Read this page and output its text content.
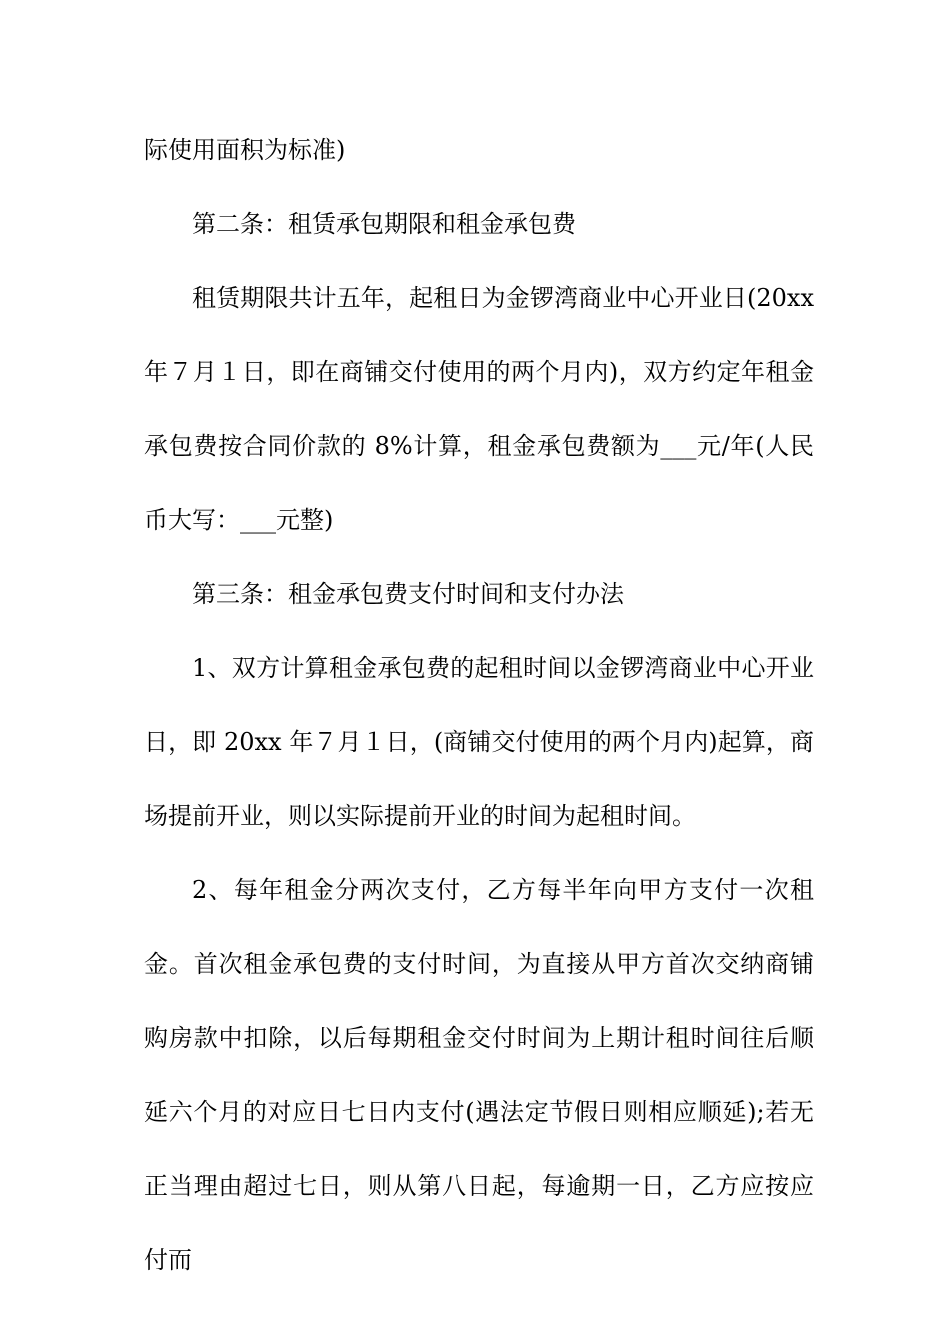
际使用面积为标准)

第二条：租赁承包期限和租金承包费

租赁期限共计五年，起租日为金锣湾商业中心开业日(20xx年７月１日，即在商铺交付使用的两个月内)，双方约定年租金承包费按合同价款的 8%计算，租金承包费额为___元/年(人民币大写：___元整)

第三条：租金承包费支付时间和支付办法

1、双方计算租金承包费的起租时间以金锣湾商业中心开业日，即 20xx 年７月１日，(商铺交付使用的两个月内)起算，商场提前开业，则以实际提前开业的时间为起租时间。

2、每年租金分两次支付，乙方每半年向甲方支付一次租金。首次租金承包费的支付时间，为直接从甲方首次交纳商铺购房款中扣除，以后每期租金交付时间为上期计租时间往后顺延六个月的对应日七日内支付(遇法定节假日则相应顺延);若无正当理由超过七日，则从第八日起，每逾期一日，乙方应按应付而
